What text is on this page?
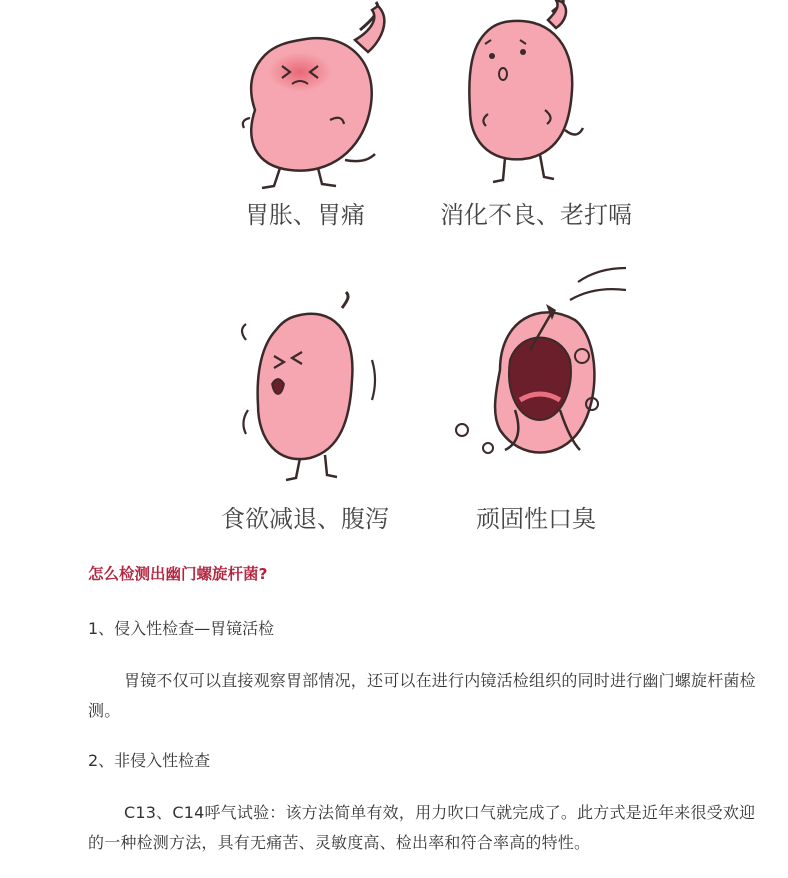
胃胀、胃痛	消化不良、老打嗝
食欲减退、腹泻	顽固性口臭
怎么检测出幽门螺旋杆菌?
1、侵入性检查—胃镜活检
胃镜不仅可以直接观察胃部情况，还可以在进行内镜活检组织的同时进行幽门螺旋杆菌检测。
2、非侵入性检查
C13、C14呼气试验：该方法简单有效，用力吹口气就完成了。此方式是近年来很受欢迎的一种检测方法，具有无痛苦、灵敏度高、检出率和符合率高的特性。
